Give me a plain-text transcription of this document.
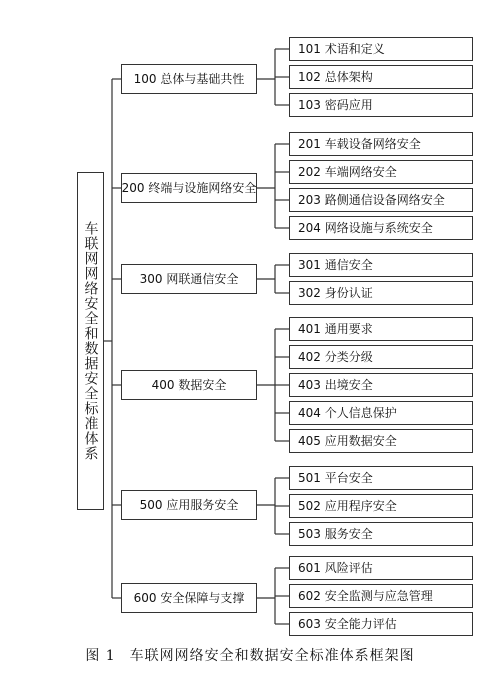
车联网网络安全和数据安全标准体系
100 总体与基础共性
200 终端与设施网络安全
300 网联通信安全
400 数据安全
500 应用服务安全
600 安全保障与支撑
101 术语和定义
102 总体架构
103 密码应用
201 车载设备网络安全
202 车端网络安全
203 路侧通信设备网络安全
204 网络设施与系统安全
301 通信安全
302 身份认证
401 通用要求
402 分类分级
403 出境安全
404 个人信息保护
405 应用数据安全
501 平台安全
502 应用程序安全
503 服务安全
601 风险评估
602 安全监测与应急管理
603 安全能力评估
图 1 车联网网络安全和数据安全标准体系框架图
